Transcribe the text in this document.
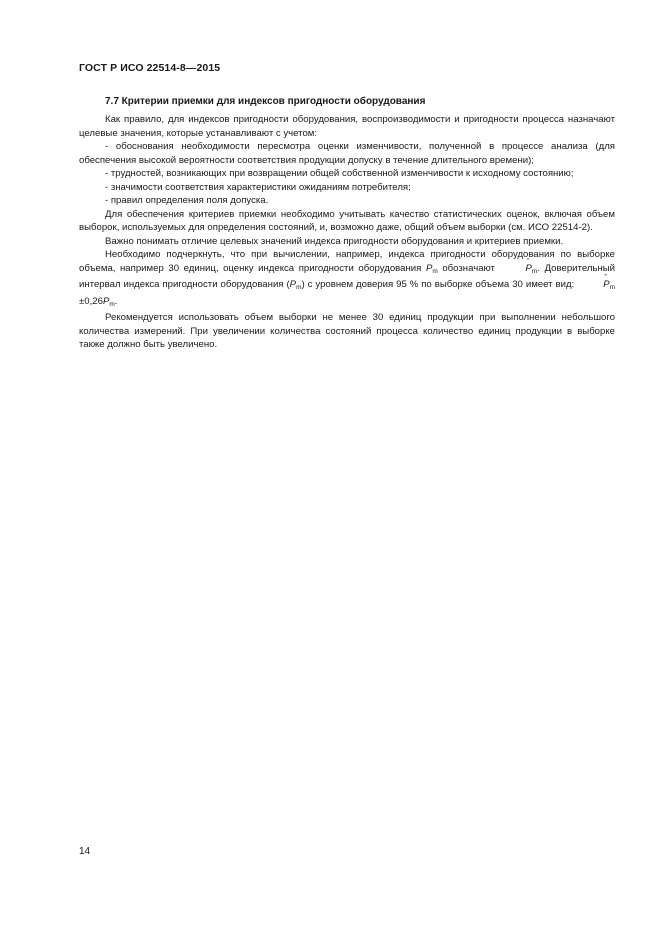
ГОСТ Р ИСО 22514-8—2015
7.7 Критерии приемки для индексов пригодности оборудования

Как правило, для индексов пригодности оборудования, воспроизводимости и пригодности процесса назначают целевые значения, которые устанавливают с учетом:

- обоснования необходимости пересмотра оценки изменчивости, полученной в процессе анализа (для обеспечения высокой вероятности соответствия продукции допуску в течение длительного времени);

- трудностей, возникающих при возвращении общей собственной изменчивости к исходному состоянию;

- значимости соответствия характеристики ожиданиям потребителя;

- правил определения поля допуска.

Для обеспечения критериев приемки необходимо учитывать качество статистических оценок, включая объем выборок, используемых для определения состояний, и, возможно даже, общий объем выборки (см. ИСО 22514-2).

Важно понимать отличие целевых значений индекса пригодности оборудования и критериев приемки.

Необходимо подчеркнуть, что при вычислении, например, индекса пригодности оборудования по выборке объема, например 30 единиц, оценку индекса пригодности оборудования $P_m$ обозначают	ˆ $P_m$. Доверительный интервал индекса пригодности оборудования $(P_m)$ с уровнем доверия 95 % по выборке объема 30 имеет вид:	ˆ $P_m \pm 0,26P_m$.

Рекомендуется использовать объем выборки не менее 30 единиц продукции при выполнении небольшого количества измерений. При увеличении количества состояний процесса количество единиц продукции в выборке также должно быть увеличено.

14
